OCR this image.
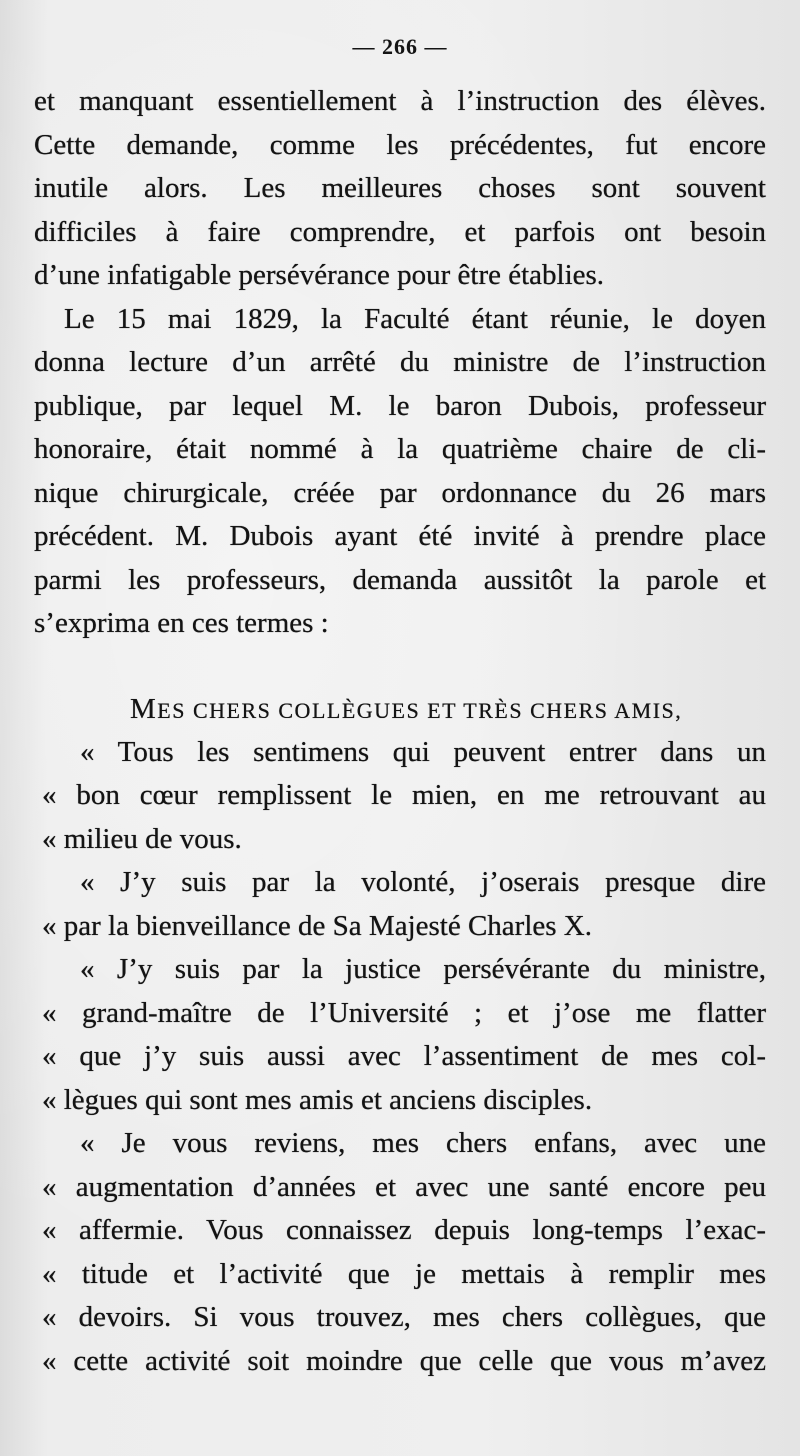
— 266 —
et manquant essentiellement à l’instruction des élèves.
Cette demande, comme les précédentes, fut encore
inutile alors. Les meilleures choses sont souvent
difficiles à faire comprendre, et parfois ont besoin
d’une infatigable persévérance pour être établies.
Le 15 mai 1829, la Faculté étant réunie, le doyen
donna lecture d’un arrêté du ministre de l’instruction
publique, par lequel M. le baron Dubois, professeur
honoraire, était nommé à la quatrième chaire de cli-
nique chirurgicale, créée par ordonnance du 26 mars
précédent. M. Dubois ayant été invité à prendre place
parmi les professeurs, demanda aussitôt la parole et
s’exprima en ces termes :
MES CHERS COLLÈGUES ET TRÈS CHERS AMIS,
« Tous les sentimens qui peuvent entrer dans un
« bon cœur remplissent le mien, en me retrouvant au
« milieu de vous.
« J’y suis par la volonté, j’oserais presque dire
« par la bienveillance de Sa Majesté Charles X.
« J’y suis par la justice persévérante du ministre,
« grand-maître de l’Université ; et j’ose me flatter
« que j’y suis aussi avec l’assentiment de mes col-
« lègues qui sont mes amis et anciens disciples.
« Je vous reviens, mes chers enfans, avec une
« augmentation d’années et avec une santé encore peu
« affermie. Vous connaissez depuis long-temps l’exac-
« titude et l’activité que je mettais à remplir mes
« devoirs. Si vous trouvez, mes chers collègues, que
« cette activité soit moindre que celle que vous m’avez
